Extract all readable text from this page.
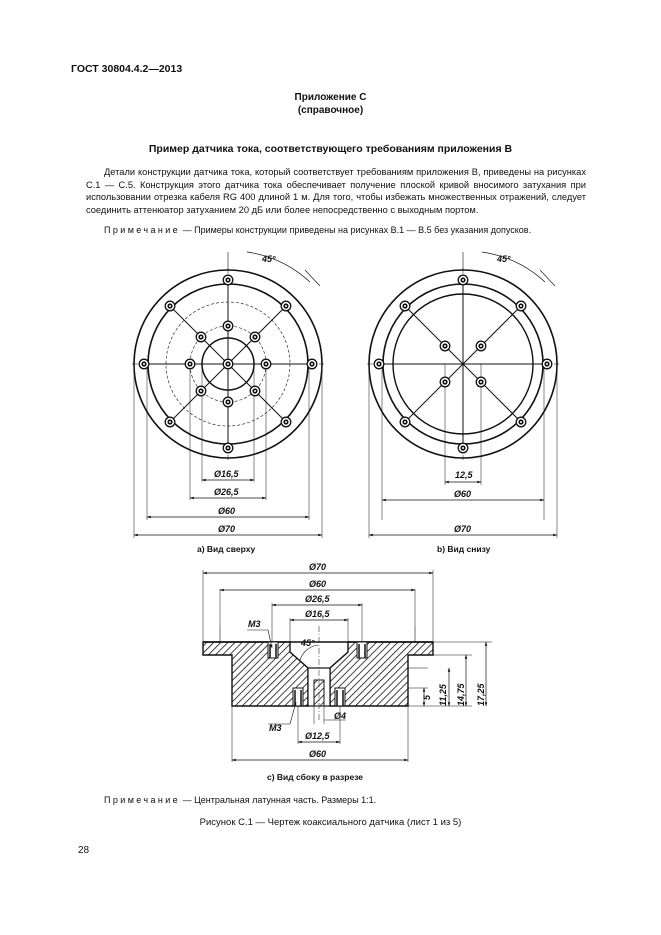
ГОСТ 30804.4.2—2013
Приложение С
(справочное)
Пример датчика тока, соответствующего требованиям приложения В
Детали конструкции датчика тока, который соответствует требованиям приложения В, приведены на рисунках С.1 — С.5. Конструкция этого датчика тока обеспечивает получение плоской кривой вносимого затухания при использовании отрезка кабеля RG 400 длиной 1 м. Для того, чтобы избежать множественных отражений, следует соединить аттенюатор затуханием 20 дБ или более непосредственно с выходным портом.
Примечание — Примеры конструкции приведены на рисунках В.1 — В.5 без указания допусков.
45°
Ø16,5
Ø26,5
Ø60
Ø70
а) Вид сверху
45°
12,5
Ø60
Ø70
b) Вид снизу
Ø70
Ø60
Ø26,5
Ø16,5
M3
45°
5 11,25 14,75 17,25
Ø4
M3
Ø12,5
Ø60
c) Вид сбоку в разрезе
Примечание — Центральная латунная часть. Размеры 1:1.
Рисунок С.1 — Чертеж коаксиального датчика (лист 1 из 5)
28
